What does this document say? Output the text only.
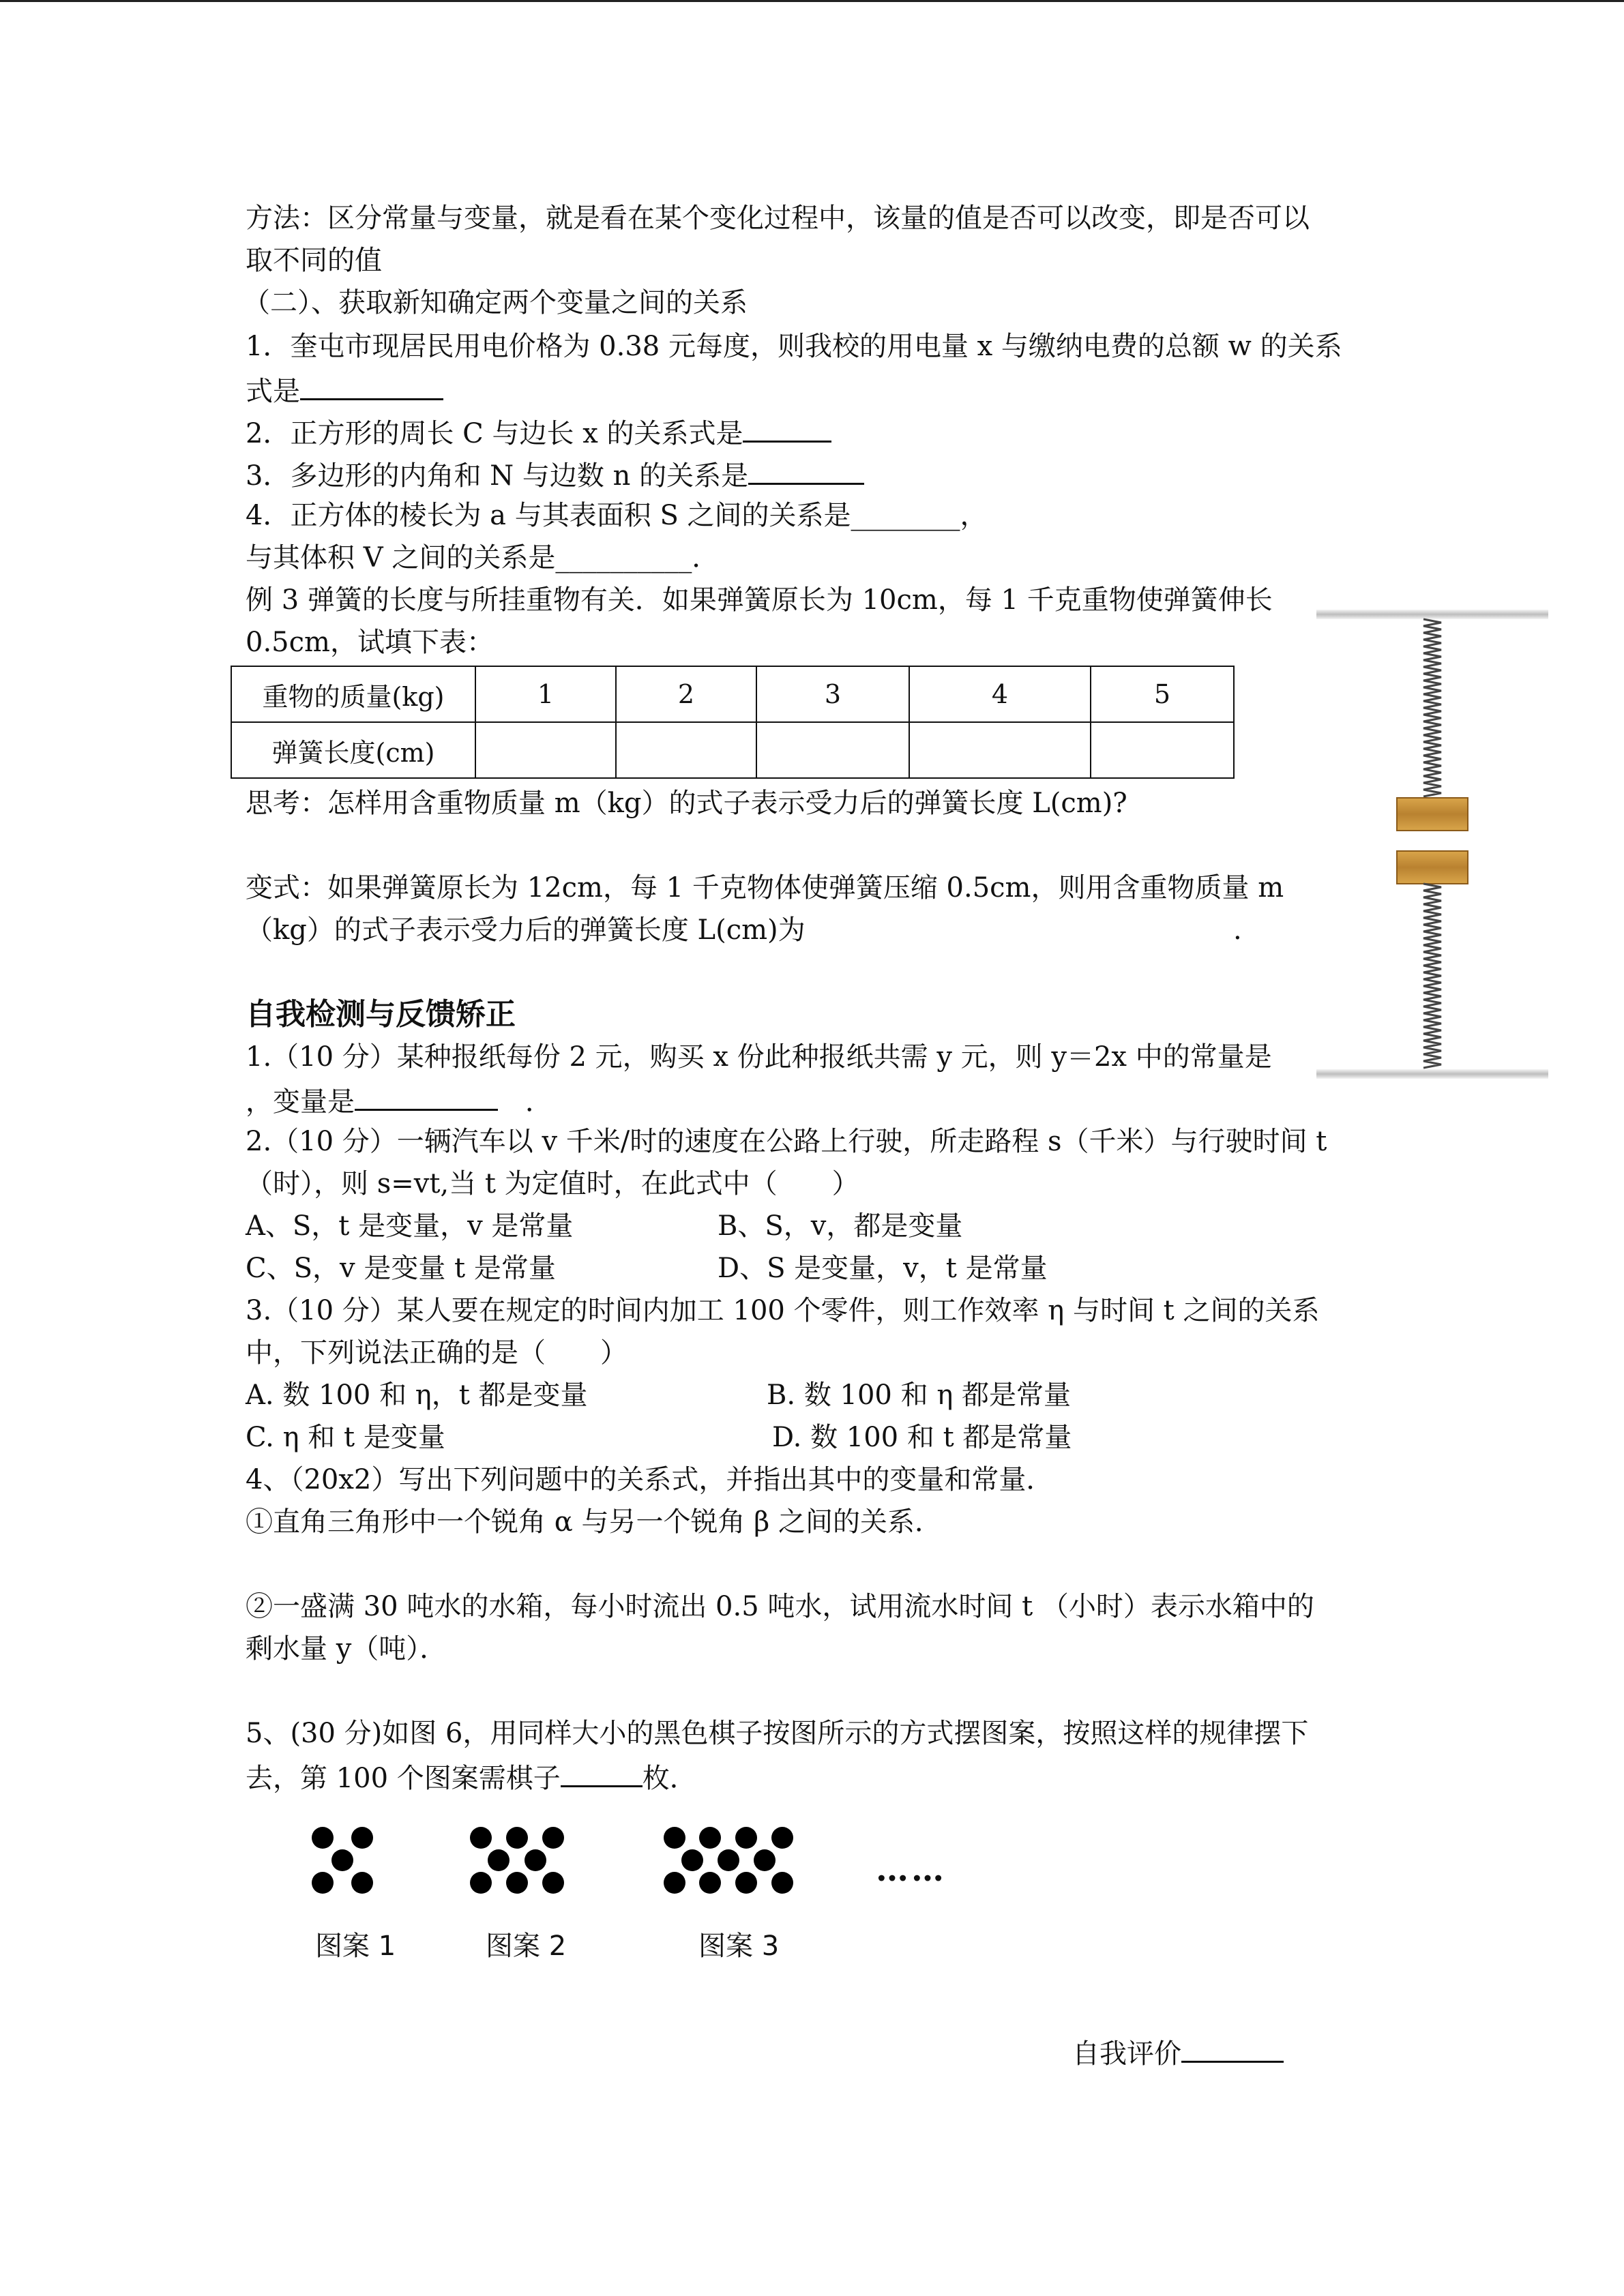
方法：区分常量与变量，就是看在某个变化过程中，该量的值是否可以改变，即是否可以
取不同的值
（二）、获取新知确定两个变量之间的关系
1．奎屯市现居民用电价格为 0.38 元每度，则我校的用电量 x 与缴纳电费的总额 w 的关系
式是
2．正方形的周长 C 与边长 x 的关系式是
3．多边形的内角和 N 与边数 n 的关系是
4．正方体的棱长为 a 与其表面积 S 之间的关系是________，
与其体积 V 之间的关系是__________．
例 3 弹簧的长度与所挂重物有关．如果弹簧原长为 10cm，每 1 千克重物使弹簧伸长
0.5cm，试填下表：
重物的质量(kg)	1	2	3	4	5
弹簧长度(cm)					
思考：怎样用含重物质量 m（kg）的式子表示受力后的弹簧长度 L(cm)?
变式：如果弹簧原长为 12cm，每 1 千克物体使弹簧压缩 0.5cm，则用含重物质量 m
（kg）的式子表示受力后的弹簧长度 L(cm)为	.
自我检测与反馈矫正
1.（10 分）某种报纸每份 2 元，购买 x 份此种报纸共需 y 元，则 y＝2x 中的常量是
，变量是	．
2.（10 分）一辆汽车以 v 千米/时的速度在公路上行驶，所走路程 s（千米）与行驶时间 t
（时），则 s=vt,当 t 为定值时，在此式中（　　）
A、S，t 是变量，v 是常量	B、S，v，都是变量
C、S，v 是变量 t 是常量	D、S 是变量，v，t 是常量
3.（10 分）某人要在规定的时间内加工 100 个零件，则工作效率 η 与时间 t 之间的关系
中，下列说法正确的是（　　）
A. 数 100 和 η，t 都是变量	B. 数 100 和 η 都是常量
C. η 和 t 是变量	D. 数 100 和 t 都是常量
4、（20x2）写出下列问题中的关系式，并指出其中的变量和常量．
①直角三角形中一个锐角 α 与另一个锐角 β 之间的关系．
②一盛满 30 吨水的水箱，每小时流出 0.5 吨水，试用流水时间 t （小时）表示水箱中的
剩水量 y（吨）．
5、(30 分)如图 6，用同样大小的黑色棋子按图所示的方式摆图案，按照这样的规律摆下
去，第 100 个图案需棋子	枚．
……
图案 1	图案 2	图案 3
自我评价
